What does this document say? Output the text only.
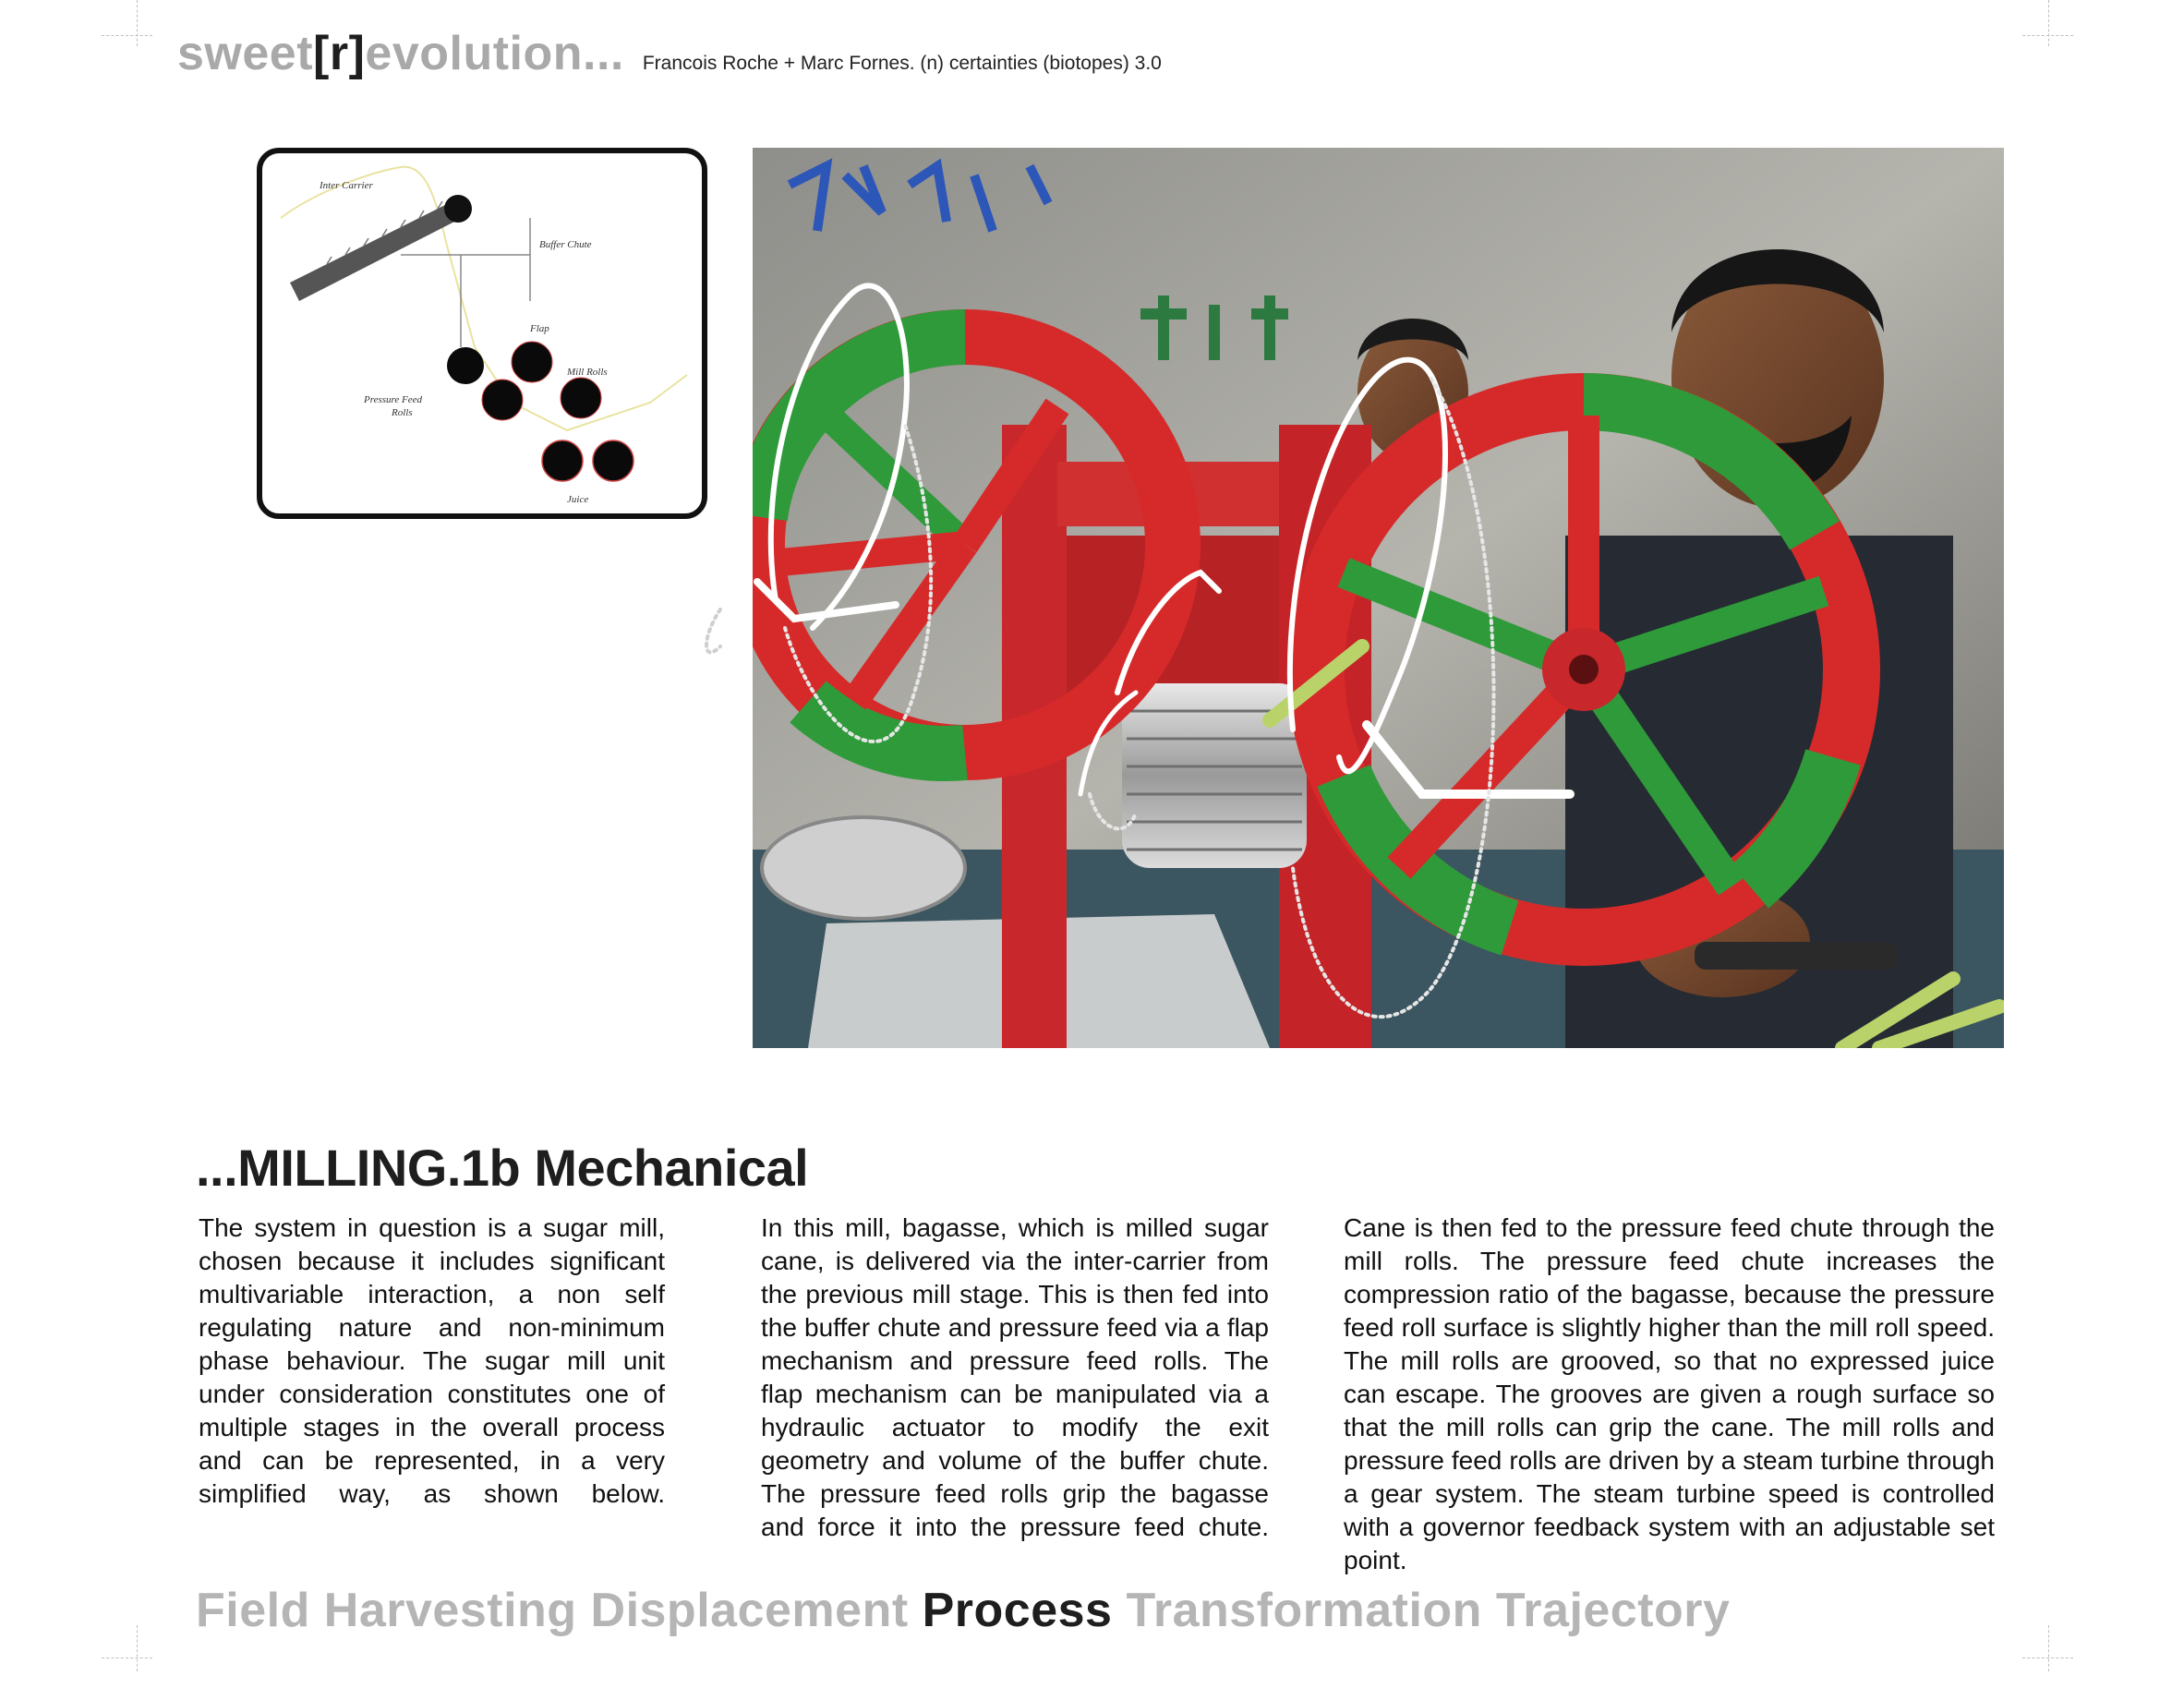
sweet[r]evolution... Francois Roche + Marc Fornes. (n) certainties (biotopes) 3.0
Inter Carrier
Buffer Chute
Flap
Mill Rolls
Pressure Feed
Rolls
Juice
...MILLING.1b Mechanical
The system in question is a sugar mill, chosen because it includes significant multivariable interaction, a non self regulating nature and non-minimum phase behaviour. The sugar mill unit under consideration constitutes one of multiple stages in the overall process and can be represented, in a very simplified way, as shown below.
In this mill, bagasse, which is milled sugar cane, is delivered via the inter-carrier from the previous mill stage. This is then fed into the buffer chute and pressure feed via a flap mechanism and pressure feed rolls. The flap mechanism can be manipulated via a hydraulic actuator to modify the exit geometry and volume of the buffer chute. The pressure feed rolls grip the bagasse and force it into the pressure feed chute.
Cane is then fed to the pressure feed chute through the mill rolls. The pressure feed chute increases the compression ratio of the bagasse, because the pressure feed roll surface is slightly higher than the mill roll speed. The mill rolls are grooved, so that no expressed juice can escape. The grooves are given a rough surface so that the mill rolls can grip the cane. The mill rolls and pressure feed rolls are driven by a steam turbine through a gear system. The steam turbine speed is controlled with a governor feedback system with an adjustable set point.
Field Harvesting Displacement Process Transformation Trajectory
